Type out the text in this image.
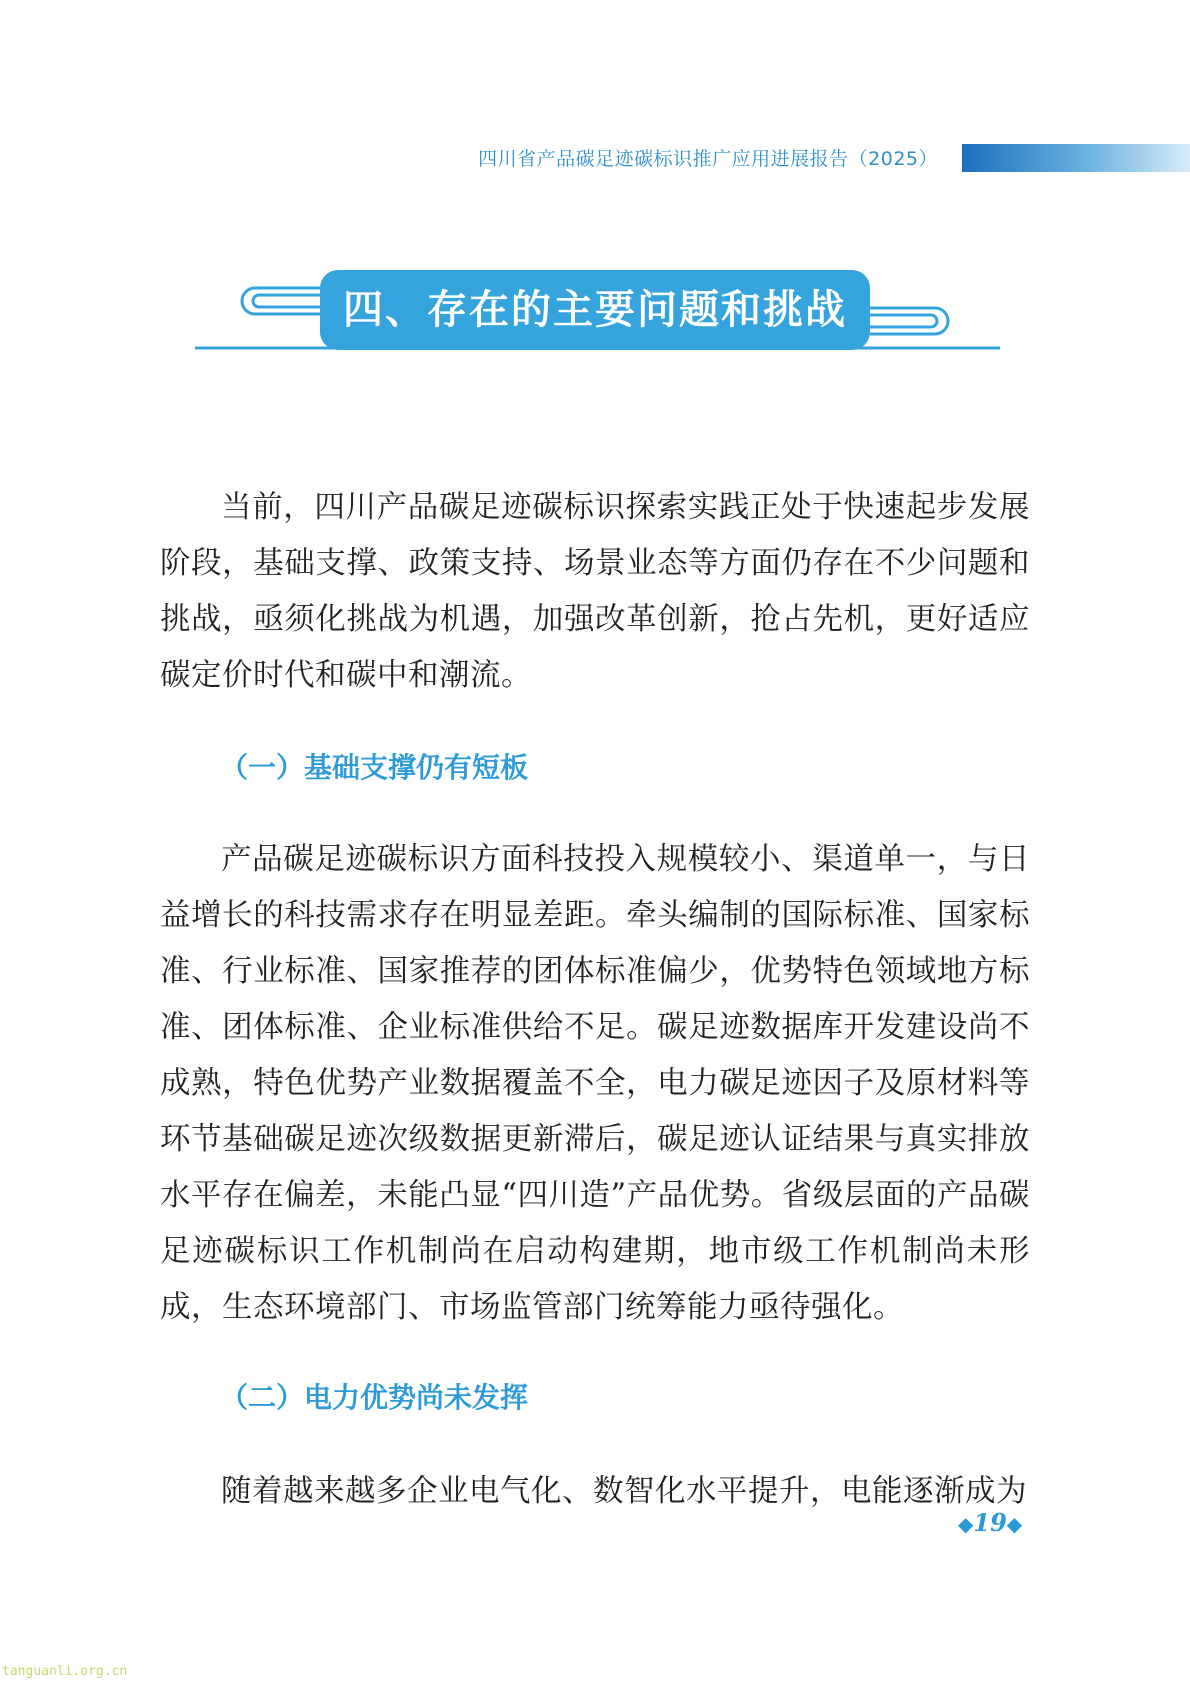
四川省产品碳足迹碳标识推广应用进展报告（2025）
四、存在的主要问题和挑战

当前，四川产品碳足迹碳标识探索实践正处于快速起步发展阶段，基础支撑、政策支持、场景业态等方面仍存在不少问题和挑战，亟须化挑战为机遇，加强改革创新，抢占先机，更好适应碳定价时代和碳中和潮流。

（一）基础支撑仍有短板

产品碳足迹碳标识方面科技投入规模较小、渠道单一，与日益增长的科技需求存在明显差距。牵头编制的国际标准、国家标准、行业标准、国家推荐的团体标准偏少，优势特色领域地方标准、团体标准、企业标准供给不足。碳足迹数据库开发建设尚不成熟，特色优势产业数据覆盖不全，电力碳足迹因子及原材料等环节基础碳足迹次级数据更新滞后，碳足迹认证结果与真实排放水平存在偏差，未能凸显“四川造”产品优势。省级层面的产品碳足迹碳标识工作机制尚在启动构建期，地市级工作机制尚未形成，生态环境部门、市场监管部门统筹能力亟待强化。

（二）电力优势尚未发挥

随着越来越多企业电气化、数智化水平提升，电能逐渐成为

◆19◆
tanguanli.org.cn
